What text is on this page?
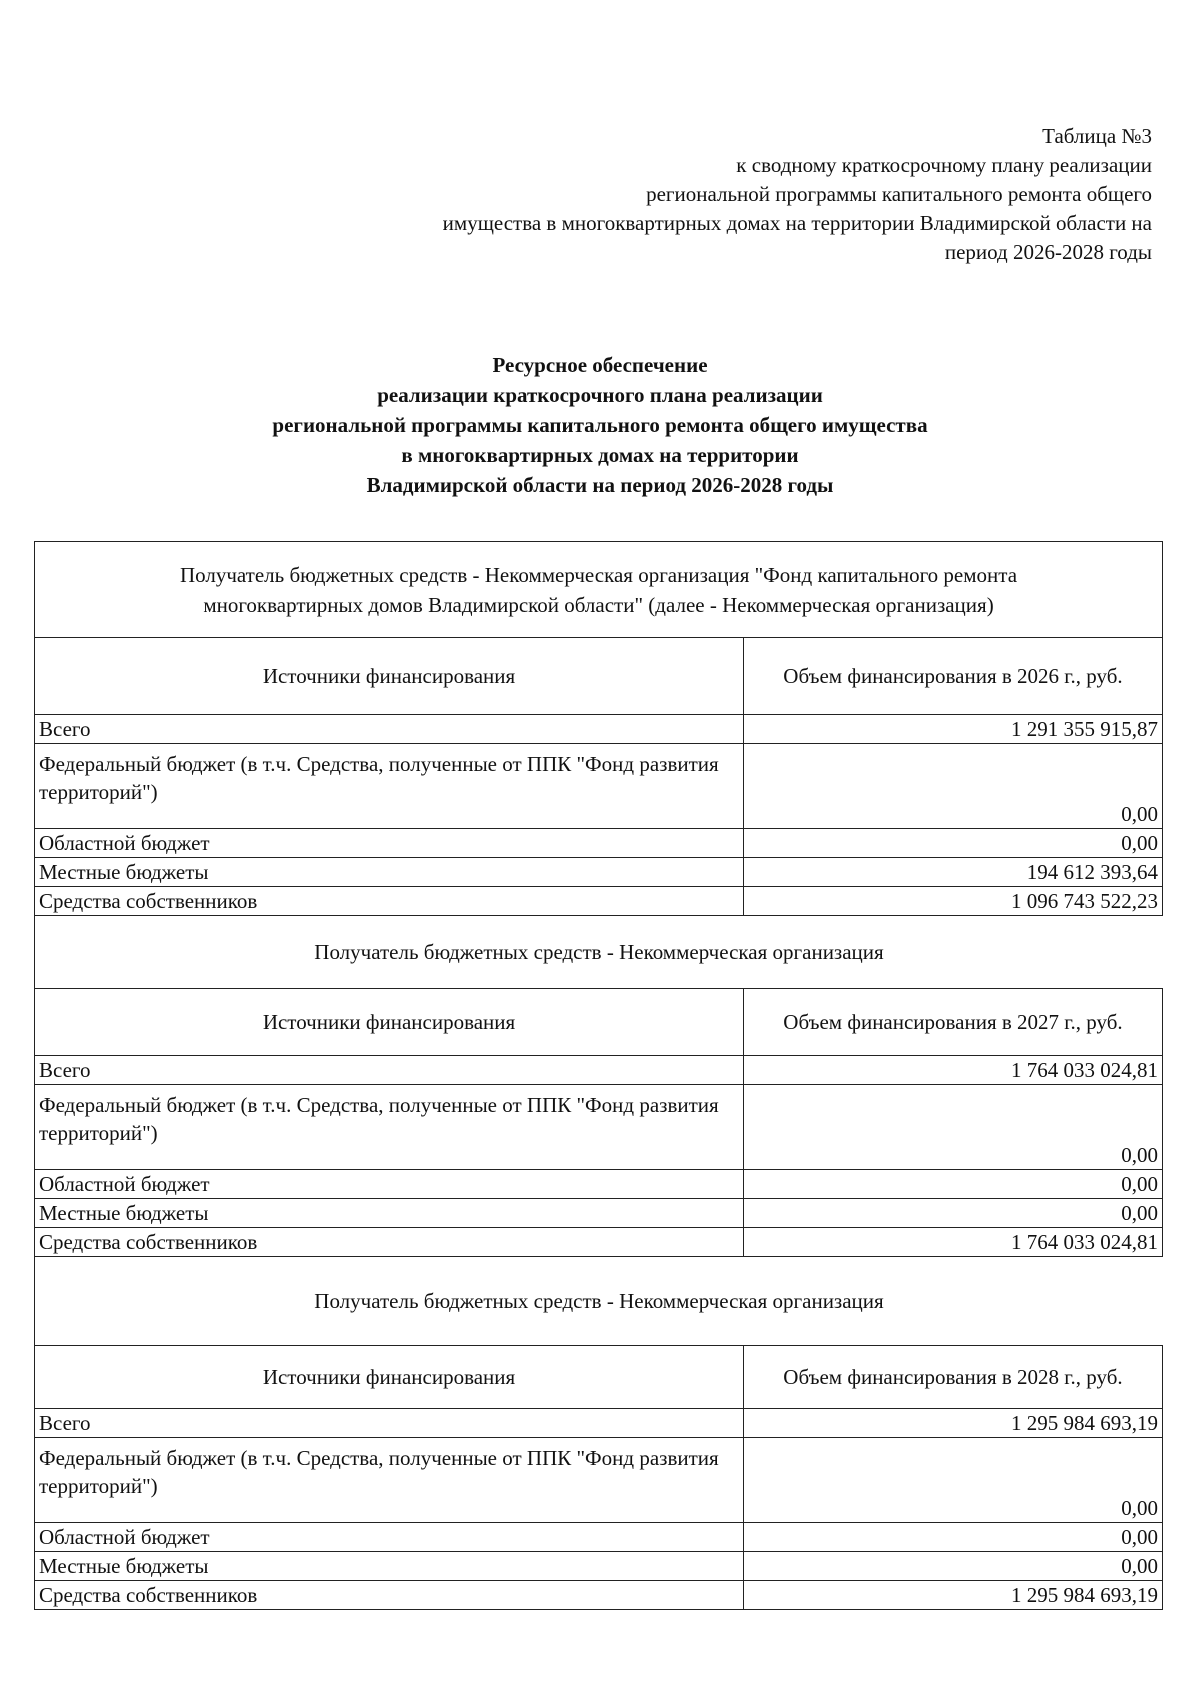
Таблица №3
к сводному краткосрочному плану реализации
региональной программы капитального ремонта общего
имущества в многоквартирных домах на территории Владимирской области на
период 2026-2028 годы
Ресурсное обеспечение
реализации краткосрочного плана реализации
региональной программы капитального ремонта общего имущества
в многоквартирных домах на территории
Владимирской области на период 2026-2028 годы
Получатель бюджетных средств - Некоммерческая организация "Фонд капитального ремонта
многоквартирных домов Владимирской области" (далее - Некоммерческая организация)
Источники финансирования	Объем финансирования в 2026 г., руб.
Всего	1 291 355 915,87
Федеральный бюджет (в т.ч. Средства, полученные от ППК "Фонд развития территорий")	0,00
Областной бюджет	0,00
Местные бюджеты	194 612 393,64
Средства собственников	1 096 743 522,23
Получатель бюджетных средств - Некоммерческая организация
Источники финансирования	Объем финансирования в 2027 г., руб.
Всего	1 764 033 024,81
Федеральный бюджет (в т.ч. Средства, полученные от ППК "Фонд развития территорий")	0,00
Областной бюджет	0,00
Местные бюджеты	0,00
Средства собственников	1 764 033 024,81
Получатель бюджетных средств - Некоммерческая организация
Источники финансирования	Объем финансирования в 2028 г., руб.
Всего	1 295 984 693,19
Федеральный бюджет (в т.ч. Средства, полученные от ППК "Фонд развития территорий")	0,00
Областной бюджет	0,00
Местные бюджеты	0,00
Средства собственников	1 295 984 693,19
